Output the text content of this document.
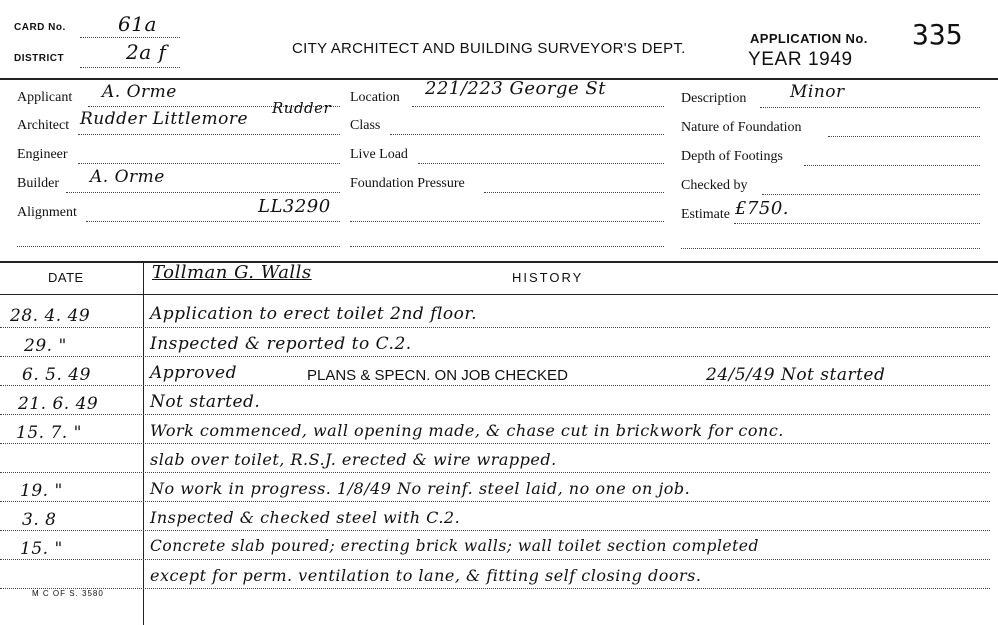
CARD No.	61a
DISTRICT	2a f	CITY ARCHITECT AND BUILDING SURVEYOR'S DEPT.
APPLICATION No. 335
YEAR 1949
Applicant A. Orme
Architect Rudder Littlemore
Rudder
Engineer
Builder A. Orme
Alignment	LL3290
Location 221/223 George St
Class
Live Load
Foundation Pressure
Description	Minor
Nature of Foundation
Depth of Footings
Checked by
Estimate £750.
DATE	HISTORY
Tollman G. Walls
28. 4. 49	Application to erect toilet 2nd floor.
29. "	Inspected & reported to C.2.
6. 5. 49	Approved	PLANS & SPECN. ON JOB CHECKED	24/5/49 Not started
21. 6. 49	Not started.
15. 7. "	Work commenced, wall opening made, & chase cut in brickwork for conc.
slab over toilet, R.S.J. erected & wire wrapped.
19. "	No work in progress. 1/8/49 No reinf. steel laid, no one on job.
3. 8	Inspected & checked steel with C.2.
15. "	Concrete slab poured; erecting brick walls; wall toilet section completed
except for perm. ventilation to lane, & fitting self closing doors.
M C OF S. 3580
